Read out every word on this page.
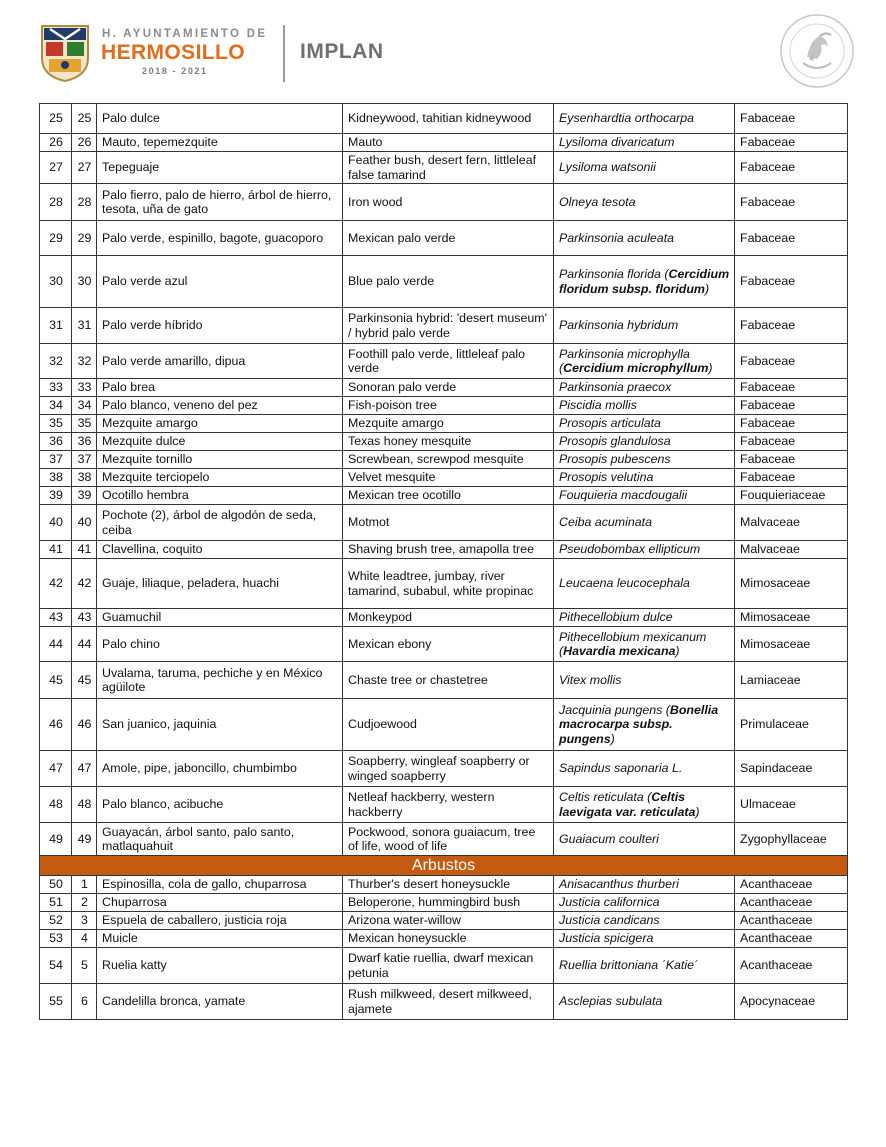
H. AYUNTAMIENTO DE
HERMOSILLO
2018 - 2021
IMPLAN
25	25	Palo dulce	Kidneywood, tahitian kidneywood	Eysenhardtia orthocarpa	Fabaceae
26	26	Mauto, tepemezquite	Mauto	Lysiloma divaricatum	Fabaceae
27	27	Tepeguaje	Feather bush, desert fern, littleleaf false tamarind	Lysiloma watsonii	Fabaceae
28	28	Palo fierro, palo de hierro, árbol de hierro, tesota, uña de gato	Iron wood	Olneya tesota	Fabaceae
29	29	Palo verde, espinillo, bagote, guacoporo	Mexican palo verde	Parkinsonia aculeata	Fabaceae
30	30	Palo verde azul	Blue palo verde	Parkinsonia florida (Cercidium floridum subsp. floridum)	Fabaceae
31	31	Palo verde híbrido	Parkinsonia hybrid: 'desert museum' / hybrid palo verde	Parkinsonia hybridum	Fabaceae
32	32	Palo verde amarillo, dipua	Foothill palo verde, littleleaf palo verde	Parkinsonia microphylla (Cercidium microphyllum)	Fabaceae
33	33	Palo brea	Sonoran palo verde	Parkinsonia praecox	Fabaceae
34	34	Palo blanco, veneno del pez	Fish-poison tree	Piscidia mollis	Fabaceae
35	35	Mezquite amargo	Mezquite amargo	Prosopis articulata	Fabaceae
36	36	Mezquite dulce	Texas honey mesquite	Prosopis glandulosa	Fabaceae
37	37	Mezquite tornillo	Screwbean, screwpod mesquite	Prosopis pubescens	Fabaceae
38	38	Mezquite terciopelo	Velvet mesquite	Prosopis velutina	Fabaceae
39	39	Ocotillo hembra	Mexican tree ocotillo	Fouquieria macdougalii	Fouquieriaceae
40	40	Pochote (2), árbol de algodón de seda, ceiba	Motmot	Ceiba acuminata	Malvaceae
41	41	Clavellina, coquito	Shaving brush tree, amapolla tree	Pseudobombax ellipticum	Malvaceae
42	42	Guaje, liliaque, peladera, huachi	White leadtree, jumbay, river tamarind, subabul, white propinac	Leucaena leucocephala	Mimosaceae
43	43	Guamuchil	Monkeypod	Pithecellobium dulce	Mimosaceae
44	44	Palo chino	Mexican ebony	Pithecellobium mexicanum (Havardia mexicana)	Mimosaceae
45	45	Uvalama, taruma, pechiche y en México agüilote	Chaste tree or chastetree	Vitex mollis	Lamiaceae
46	46	San juanico, jaquinia	Cudjoewood	Jacquinia pungens (Bonellia macrocarpa subsp. pungens)	Primulaceae
47	47	Amole, pipe, jaboncillo, chumbimbo	Soapberry, wingleaf soapberry or winged soapberry	Sapindus saponaria L.	Sapindaceae
48	48	Palo blanco, acibuche	Netleaf hackberry, western hackberry	Celtis reticulata (Celtis laevigata var. reticulata)	Ulmaceae
49	49	Guayacán, árbol santo, palo santo, matlaquahuit	Pockwood, sonora guaiacum, tree of life, wood of life	Guaiacum coulteri	Zygophyllaceae
Arbustos					
50	1	Espinosilla, cola de gallo, chuparrosa	Thurber's desert honeysuckle	Anisacanthus thurberi	Acanthaceae
51	2	Chuparrosa	Beloperone, hummingbird bush	Justicia californica	Acanthaceae
52	3	Espuela de caballero, justicia roja	Arizona water-willow	Justicia candicans	Acanthaceae
53	4	Muicle	Mexican honeysuckle	Justicia spicigera	Acanthaceae
54	5	Ruelia katty	Dwarf katie ruellia, dwarf mexican petunia	Ruellia brittoniana ´Katie´	Acanthaceae
55	6	Candelilla bronca, yamate	Rush milkweed, desert milkweed, ajamete	Asclepias subulata	Apocynaceae
